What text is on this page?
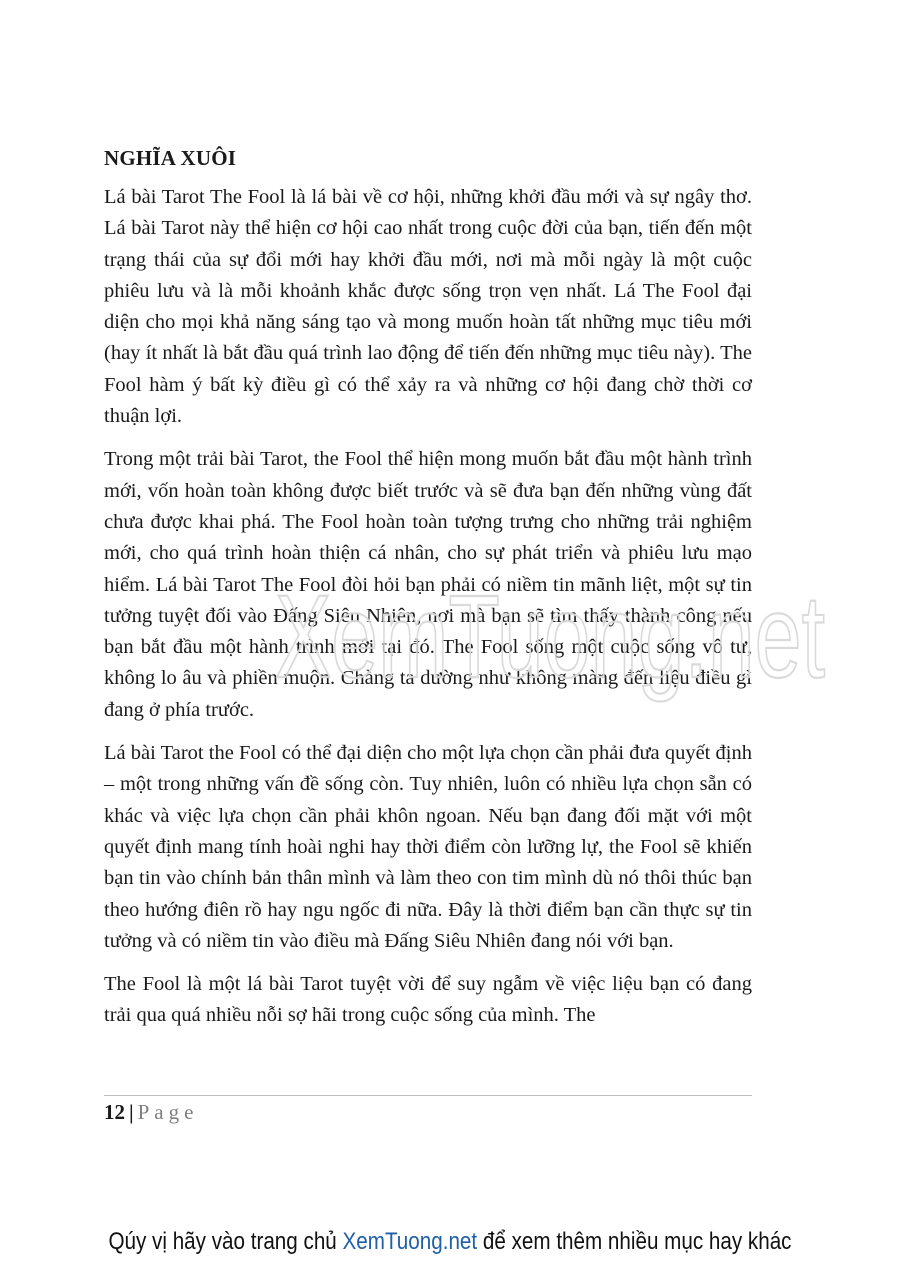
NGHĨA XUÔI

Lá bài Tarot The Fool là lá bài về cơ hội, những khởi đầu mới và sự ngây thơ. Lá bài Tarot này thể hiện cơ hội cao nhất trong cuộc đời của bạn, tiến đến một trạng thái của sự đổi mới hay khởi đầu mới, nơi mà mỗi ngày là một cuộc phiêu lưu và là mỗi khoảnh khắc được sống trọn vẹn nhất. Lá The Fool đại diện cho mọi khả năng sáng tạo và mong muốn hoàn tất những mục tiêu mới (hay ít nhất là bắt đầu quá trình lao động để tiến đến những mục tiêu này). The Fool hàm ý bất kỳ điều gì có thể xảy ra và những cơ hội đang chờ thời cơ thuận lợi.

Trong một trải bài Tarot, the Fool thể hiện mong muốn bắt đầu một hành trình mới, vốn hoàn toàn không được biết trước và sẽ đưa bạn đến những vùng đất chưa được khai phá. The Fool hoàn toàn tượng trưng cho những trải nghiệm mới, cho quá trình hoàn thiện cá nhân, cho sự phát triển và phiêu lưu mạo hiểm. Lá bài Tarot The Fool đòi hỏi bạn phải có niềm tin mãnh liệt, một sự tin tưởng tuyệt đối vào Đấng Siêu Nhiên, nơi mà bạn sẽ tìm thấy thành công nếu bạn bắt đầu một hành trình mới tại đó. The Fool sống một cuộc sống vô tư, không lo âu và phiền muộn. Chàng ta dường như không màng đến liệu điều gì đang ở phía trước.

Lá bài Tarot the Fool có thể đại diện cho một lựa chọn cần phải đưa quyết định – một trong những vấn đề sống còn. Tuy nhiên, luôn có nhiều lựa chọn sẵn có khác và việc lựa chọn cần phải khôn ngoan. Nếu bạn đang đối mặt với một quyết định mang tính hoài nghi hay thời điểm còn lưỡng lự, the Fool sẽ khiến bạn tin vào chính bản thân mình và làm theo con tim mình dù nó thôi thúc bạn theo hướng điên rồ hay ngu ngốc đi nữa. Đây là thời điểm bạn cần thực sự tin tưởng và có niềm tin vào điều mà Đấng Siêu Nhiên đang nói với bạn.

The Fool là một lá bài Tarot tuyệt vời để suy ngẫm về việc liệu bạn có đang trải qua quá nhiều nỗi sợ hãi trong cuộc sống của mình. The

XemTuong.net
12 | Page
Qúy vị hãy vào trang chủ XemTuong.net để xem thêm nhiều mục hay khác
